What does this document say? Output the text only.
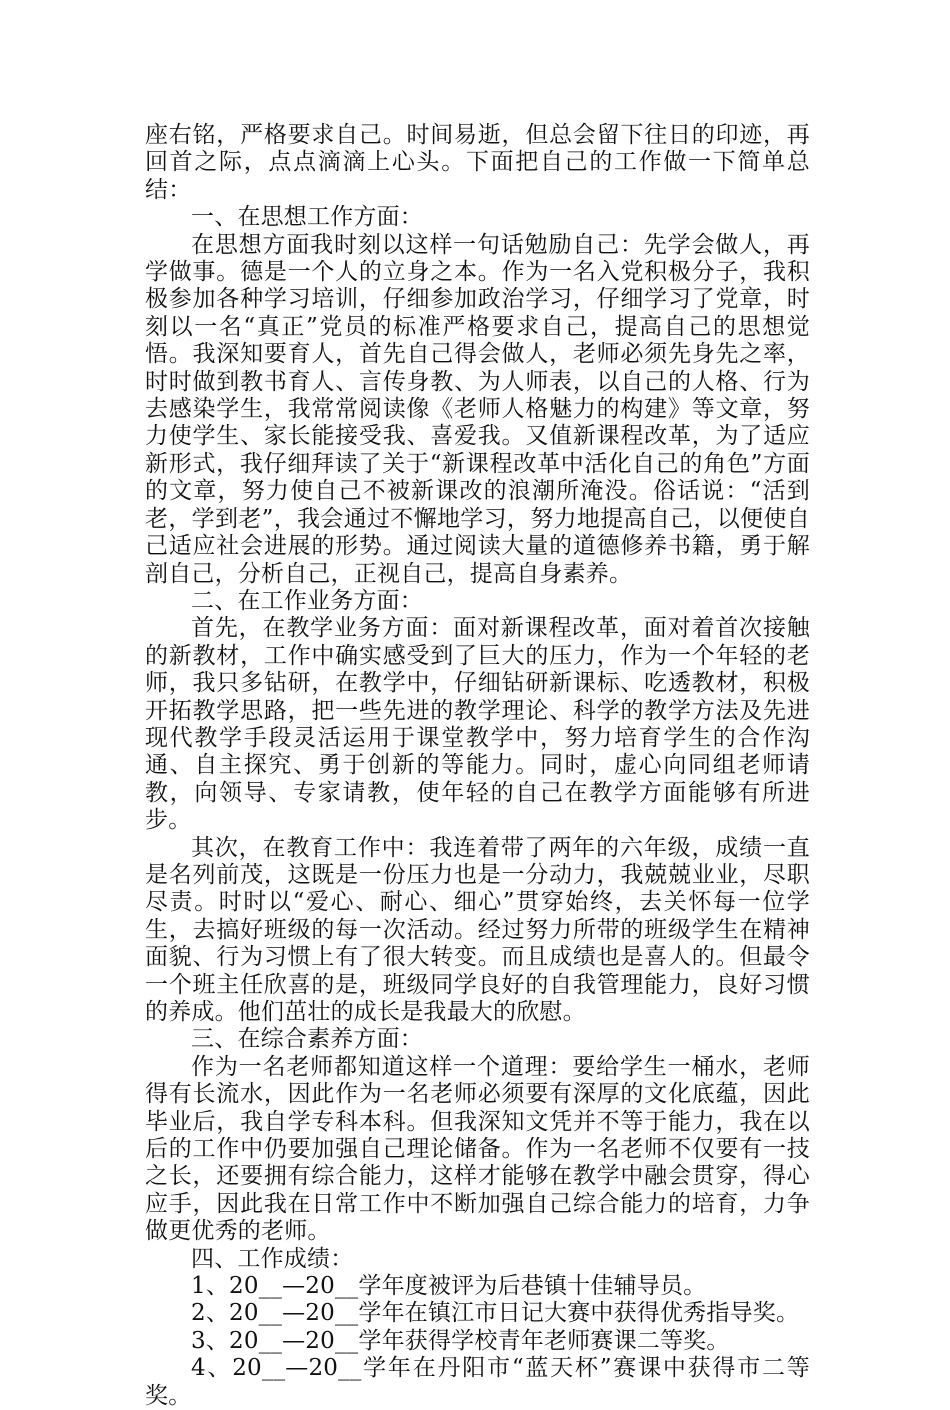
座右铭，严格要求自己。时间易逝，但总会留下往日的印迹，再回首之际，点点滴滴上心头。下面把自己的工作做一下简单总结：

一、在思想工作方面：

在思想方面我时刻以这样一句话勉励自己：先学会做人，再学做事。德是一个人的立身之本。作为一名入党积极分子，我积极参加各种学习培训，仔细参加政治学习，仔细学习了党章，时刻以一名“真正”党员的标准严格要求自己，提高自己的思想觉悟。我深知要育人，首先自己得会做人，老师必须先身先之率，时时做到教书育人、言传身教、为人师表，以自己的人格、行为去感染学生，我常常阅读像《老师人格魅力的构建》等文章，努力使学生、家长能接受我、喜爱我。又值新课程改革，为了适应新形式，我仔细拜读了关于“新课程改革中活化自己的角色”方面的文章，努力使自己不被新课改的浪潮所淹没。俗话说：“活到老，学到老”，我会通过不懈地学习，努力地提高自己，以便使自己适应社会进展的形势。通过阅读大量的道德修养书籍，勇于解剖自己，分析自己，正视自己，提高自身素养。

二、在工作业务方面：

首先，在教学业务方面：面对新课程改革，面对着首次接触的新教材，工作中确实感受到了巨大的压力，作为一个年轻的老师，我只多钻研，在教学中，仔细钻研新课标、吃透教材，积极开拓教学思路，把一些先进的教学理论、科学的教学方法及先进现代教学手段灵活运用于课堂教学中，努力培育学生的合作沟通、自主探究、勇于创新的等能力。同时，虚心向同组老师请教，向领导、专家请教，使年轻的自己在教学方面能够有所进步。

其次，在教育工作中：我连着带了两年的六年级，成绩一直是名列前茂，这既是一份压力也是一分动力，我兢兢业业，尽职尽责。时时以“爱心、耐心、细心”贯穿始终，去关怀每一位学生，去搞好班级的每一次活动。经过努力所带的班级学生在精神面貌、行为习惯上有了很大转变。而且成绩也是喜人的。但最令一个班主任欣喜的是，班级同学良好的自我管理能力，良好习惯的养成。他们茁壮的成长是我最大的欣慰。

三、在综合素养方面：

作为一名老师都知道这样一个道理：要给学生一桶水，老师得有长流水，因此作为一名老师必须要有深厚的文化底蕴，因此毕业后，我自学专科本科。但我深知文凭并不等于能力，我在以后的工作中仍要加强自己理论储备。作为一名老师不仅要有一技之长，还要拥有综合能力，这样才能够在教学中融会贯穿，得心应手，因此我在日常工作中不断加强自己综合能力的培育，力争做更优秀的老师。

四、工作成绩：

1、20__—20__学年度被评为后巷镇十佳辅导员。

2、20__—20__学年在镇江市日记大赛中获得优秀指导奖。

3、20__—20__学年获得学校青年老师赛课二等奖。

4、20__—20__学年在丹阳市“蓝天杯”赛课中获得市二等奖。
